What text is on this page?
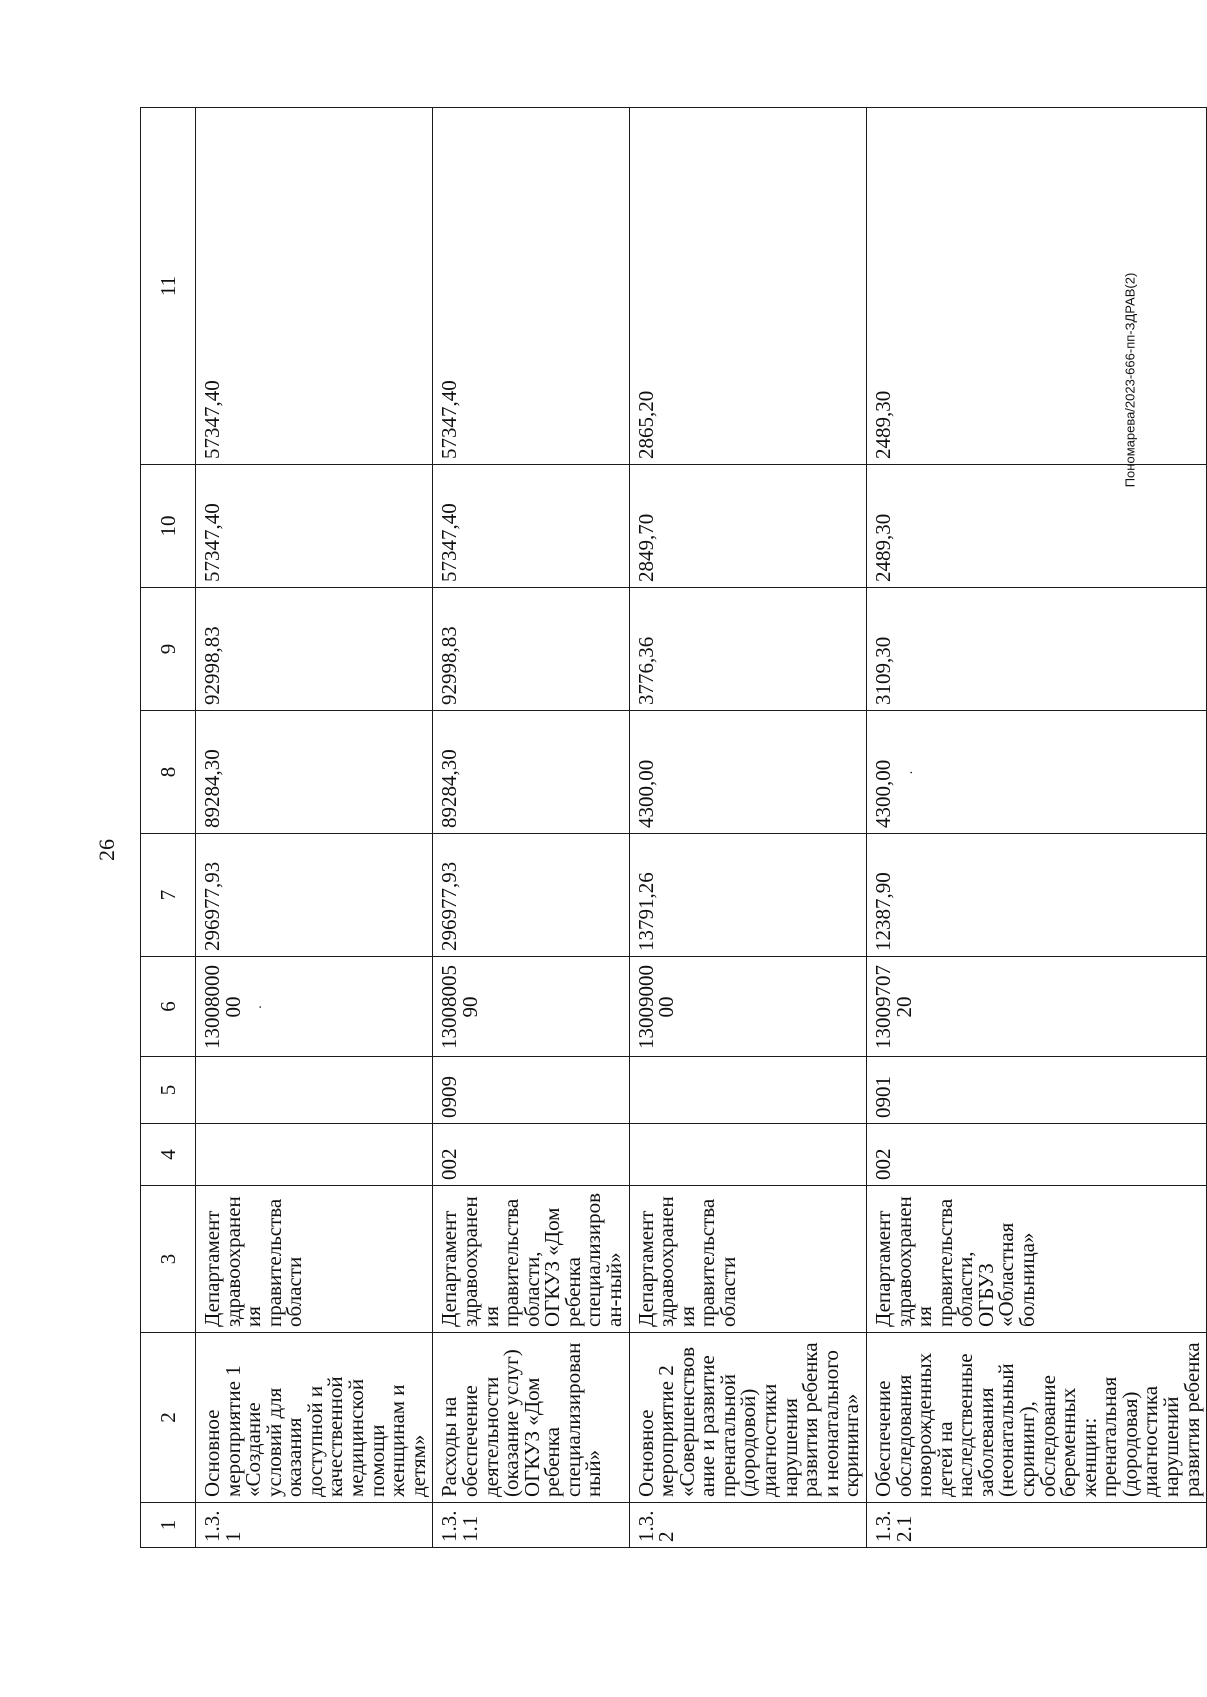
26
Пономарева/2023-666-пп-ЗДРАВ(2)
1	2	3	4	5	6	7	8	9	10	11
1.3.1	Основное мероприятие 1 «Создание условий для оказания доступной и качественной медицинской помощи женщинам и детям»	Департамент здравоохранения правительства области			1300800000 ·	296977,93	89284,30	92998,83	57347,40	57347,40
1.3.1.1	Расходы на обеспечение деятельности (оказание услуг) ОГКУЗ «Дом ребенка специализированный»	Департамент здравоохранения правительства области, ОГКУЗ «Дом ребенка специализирован-ный»	002	0909	1300800590	296977,93	89284,30	92998,83	57347,40	57347,40
1.3.2	Основное мероприятие 2 «Совершенствование и развитие пренатальной (дородовой) диагностики нарушения развития ребенка и неонатального скрининга»	Департамент здравоохранения правительства области			1300900000	13791,26	4300,00	3776,36	2849,70	2865,20
1.3.2.1	Обеспечение обследования новорожденных детей на наследственные заболевания (неонатальный скрининг), обследование беременных женщин: пренатальная (дородовая) диагностика нарушений развития ребенка	Департамент здравоохранения правительства области, ОГБУЗ «Областная больница»	002	0901	1300970720	12387,90	4300,00 ·	3109,30	2489,30	2489,30
